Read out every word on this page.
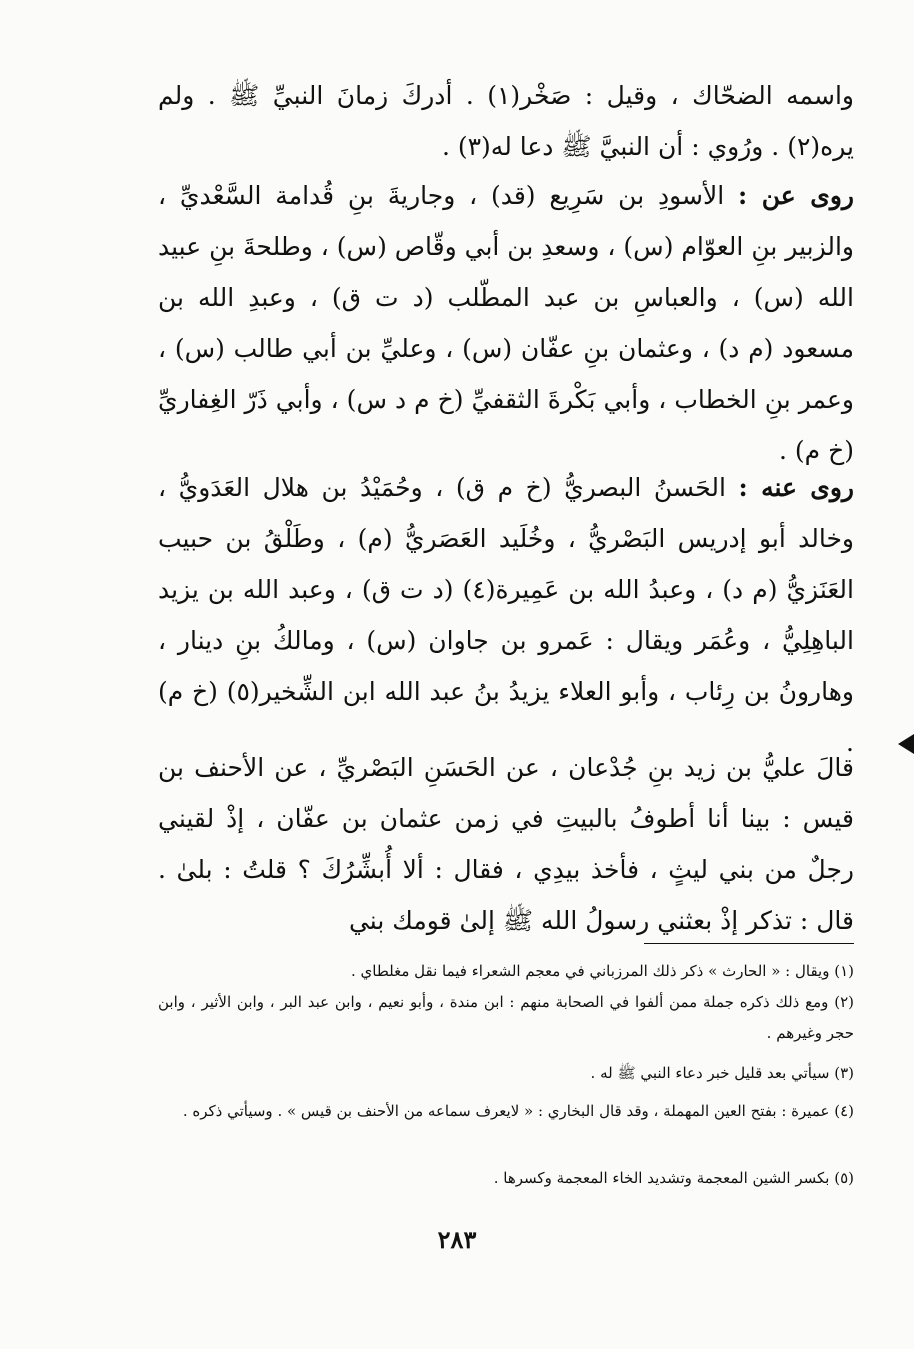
واسمه الضحّاك ، وقيل : صَخْر(١) . أدركَ زمانَ النبيِّ ﷺ . ولم يره(٢) . ورُوي : أن النبيَّ ﷺ دعا له(٣) .

روى عن : الأسودِ بن سَرِيع (قد) ، وجاريةَ بنِ قُدامة السَّعْديِّ ، والزبير بنِ العوّام (س) ، وسعدِ بن أبي وقّاص (س) ، وطلحةَ بنِ عبيد الله (س) ، والعباسِ بن عبد المطّلب (د ت ق) ، وعبدِ الله بن مسعود (م د) ، وعثمان بنِ عفّان (س) ، وعليِّ بن أبي طالب (س) ، وعمر بنِ الخطاب ، وأبي بَكْرةَ الثقفيِّ (خ م د س) ، وأبي ذَرّ الغِفاريِّ (خ م) .

روى عنه : الحَسنُ البصريُّ (خ م ق) ، وحُمَيْدُ بن هلال العَدَويُّ ، وخالد أبو إدريس البَصْريُّ ، وخُلَيد العَصَريُّ (م) ، وطَلْقُ بن حبيب العَنَزيُّ (م د) ، وعبدُ الله بن عَمِيرة(٤) (د ت ق) ، وعبد الله بن يزيد الباهِلِيُّ ، وعُمَر ويقال : عَمرو بن جاوان (س) ، ومالكُ بنِ دينار ، وهارونُ بن رِئاب ، وأبو العلاء يزيدُ بنُ عبد الله ابن الشِّخير(٥) (خ م) .

قالَ عليُّ بن زيد بنِ جُدْعان ، عن الحَسَنِ البَصْريِّ ، عن الأحنف بن قيس : بينا أنا أطوفُ بالبيتِ في زمن عثمان بن عفّان ، إذْ لقيني رجلٌ من بني ليثٍ ، فأخذ بيدِي ، فقال : ألا أُبشِّرُكَ ؟ قلتُ : بلىٰ . قال : تذكر إذْ بعثني رسولُ الله ﷺ إلىٰ قومك بني

(١) ويقال : « الحارث » ذكر ذلك المرزباني في معجم الشعراء فيما نقل مغلطاي .

(٢) ومع ذلك ذكره جملة ممن ألفوا في الصحابة منهم : ابن مندة ، وأبو نعيم ، وابن عبد البر ، وابن الأثير ، وابن حجر وغيرهم .

(٣) سيأتي بعد قليل خبر دعاء النبي ﷺ له .

(٤) عميرة : بفتح العين المهملة ، وقد قال البخاري : « لايعرف سماعه من الأحنف بن قيس » . وسيأتي ذكره .

(٥) بكسر الشين المعجمة وتشديد الخاء المعجمة وكسرها .

٢٨٣
